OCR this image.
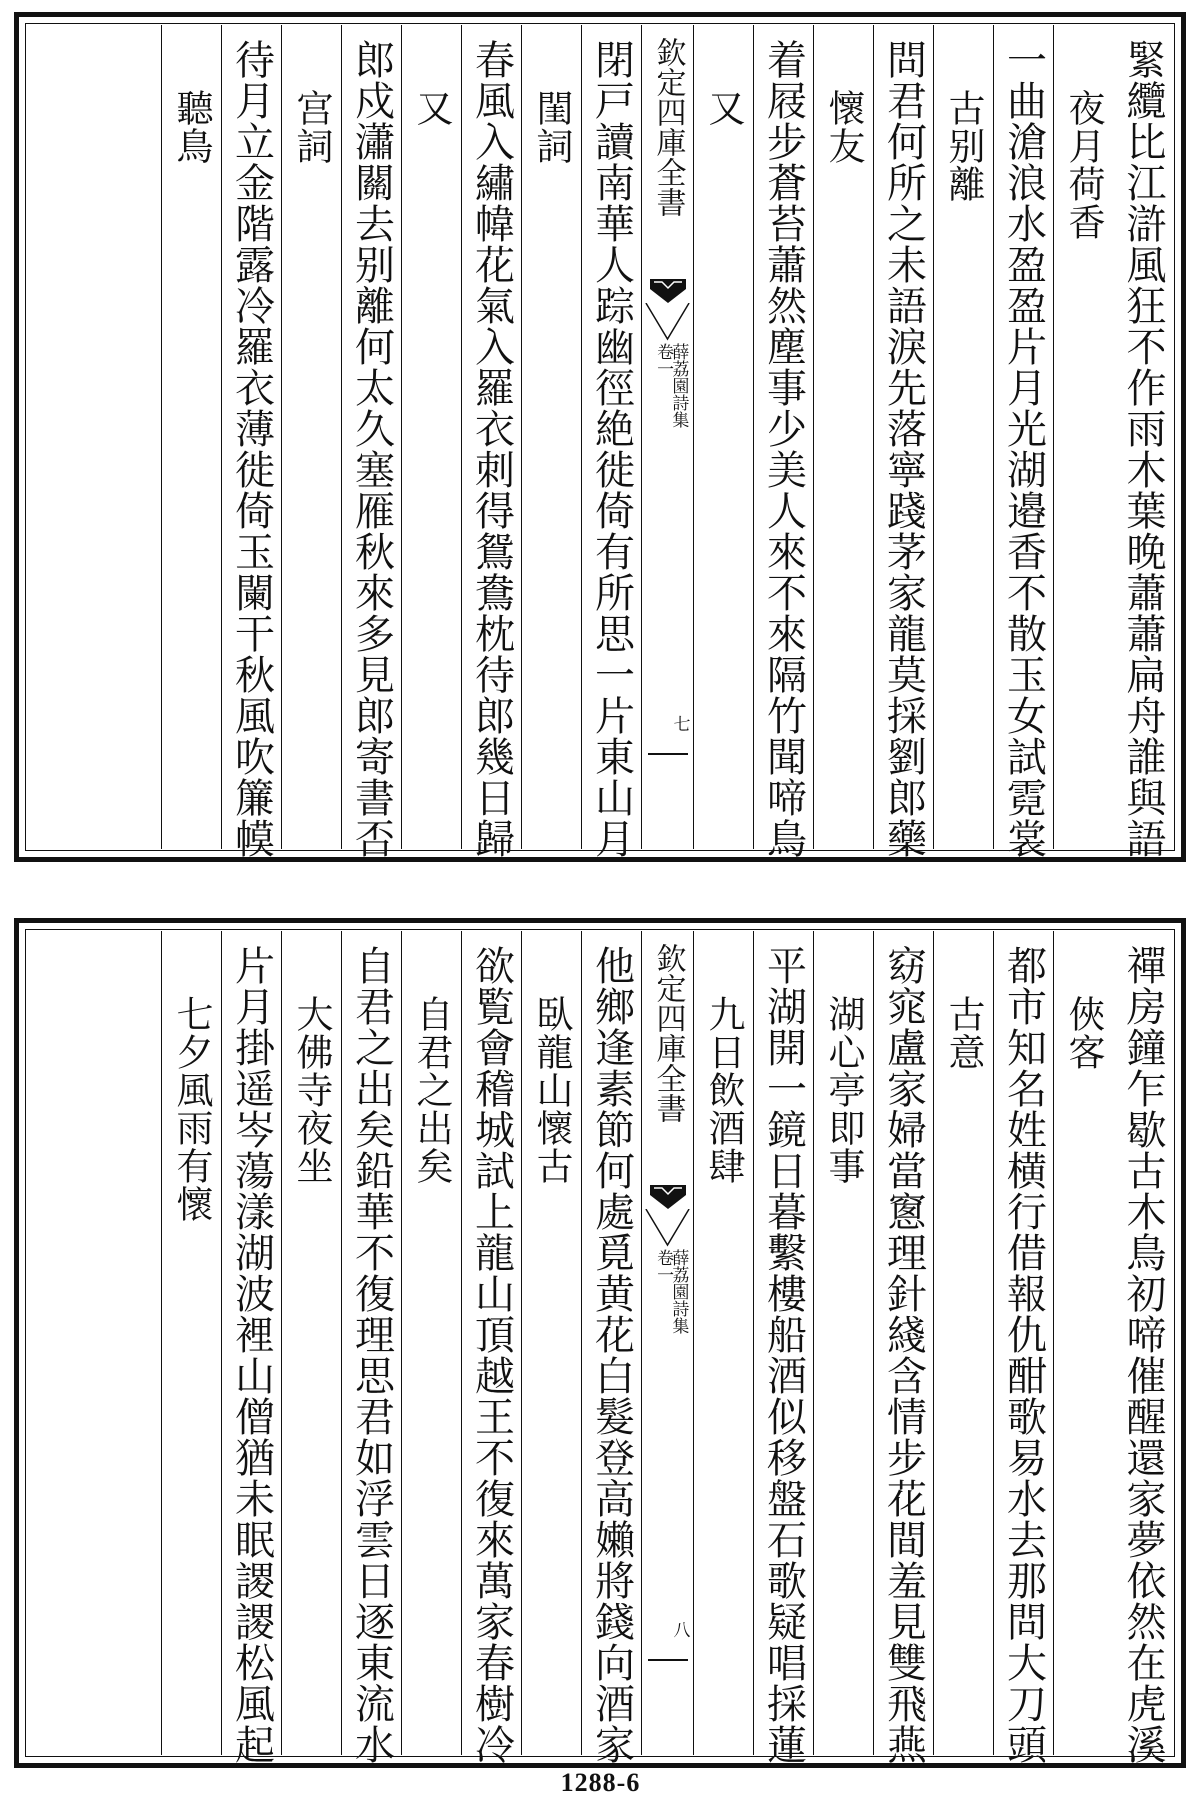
緊纜比江滸風狂不作雨木葉晚蕭蕭扁舟誰與語
夜月荷香
一曲滄浪水盈盈片月光湖邉香不散玉女試霓裳
古别離
問君何所之未語淚先落寧踐茅家龍莫採劉郎藥
懷友
着屐步蒼苔蕭然塵事少美人來不來隔竹聞啼鳥
又
欽定四庫全書
薛荔園詩集
卷一
七
閉戸讀南華人踪幽徑絶徙倚有所思一片東山月
閨詞
春風入繡幃花氣入羅衣刺得鴛鴦枕待郎幾日歸
又
郎戍瀟關去别離何太久塞雁秋來多見郎寄書否
宫詞
待月立金階露冷羅衣薄徙倚玉闌干秋風吹簾幙
聽鳥
禪房鐘乍歇古木鳥初啼催醒還家夢依然在虎溪
俠客
都市知名姓横行借報仇酣歌易水去那問大刀頭
古意
窈窕盧家婦當窻理針綫含情步花間羞見雙飛燕
湖心亭即事
平湖開一鏡日暮繫樓船酒似移盤石歌疑唱採蓮
九日飲酒肆
欽定四庫全書
薛荔園詩集
卷一
八
他鄉逢素節何處覓黄花白髮登高嬾將錢向酒家
臥龍山懷古
欲覧會稽城試上龍山頂越王不復來萬家春樹冷
自君之出矣
自君之出矣鉛華不復理思君如浮雲日逐東流水
大佛寺夜坐
片月掛遥岑蕩漾湖波裡山僧猶未眠謖謖松風起
七夕風雨有懷
1288-6
